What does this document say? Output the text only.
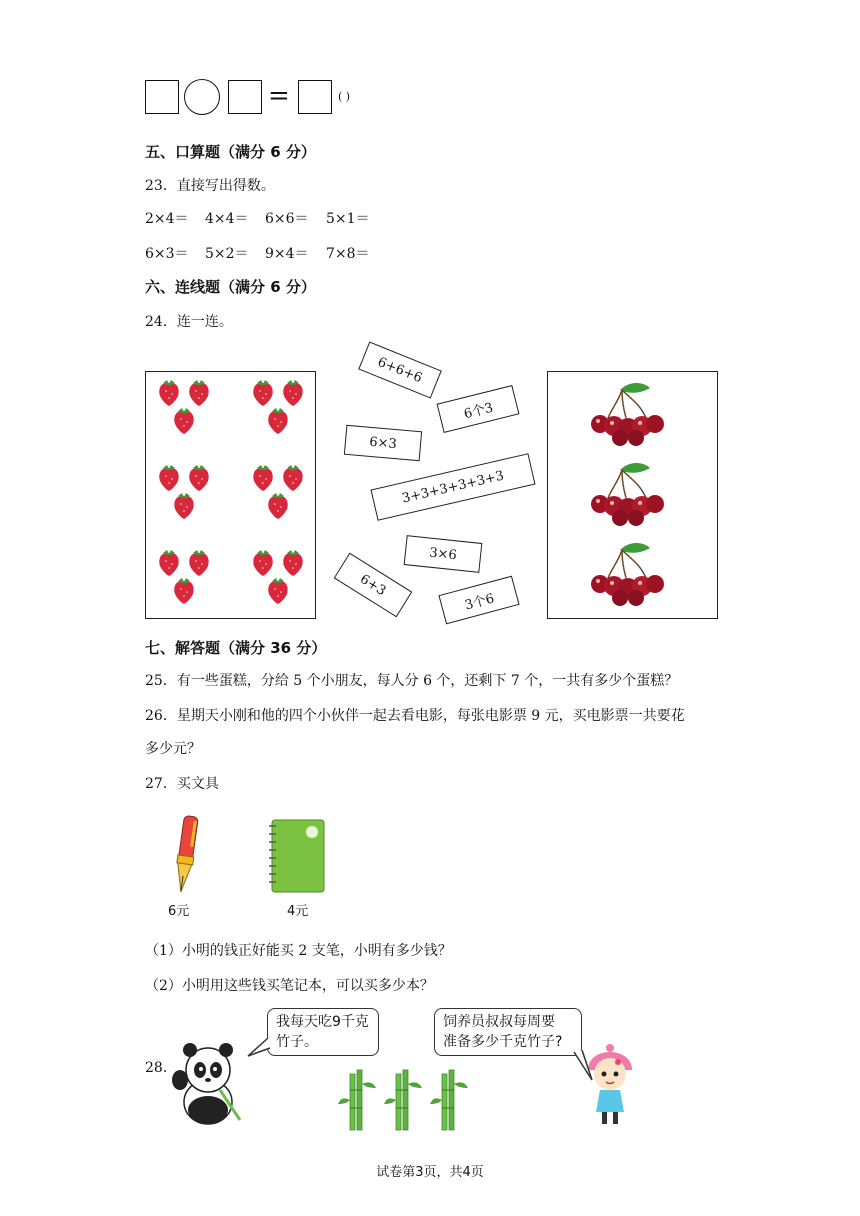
=	( )
五、口算题（满分 6 分）
23．直接写出得数。
2×4＝ 4×4＝ 6×6＝ 5×1＝
6×3＝ 5×2＝ 9×4＝ 7×8＝
六、连线题（满分 6 分）
24．连一连。
6+6+6
6个3
6×3
3+3+3+3+3+3
3×6
6+3
3个6
七、解答题（满分 36 分）
25．有一些蛋糕，分给 5 个小朋友，每人分 6 个，还剩下 7 个，一共有多少个蛋糕？
26．星期天小刚和他的四个小伙伴一起去看电影，每张电影票 9 元，买电影票一共要花
多少元？
27．买文具
6元	4元
（1）小明的钱正好能买 2 支笔，小明有多少钱？
（2）小明用这些钱买笔记本，可以买多少本？
28.
我每天吃9千克
竹子。
饲养员叔叔每周要
准备多少千克竹子?
试卷第3页，共4页
